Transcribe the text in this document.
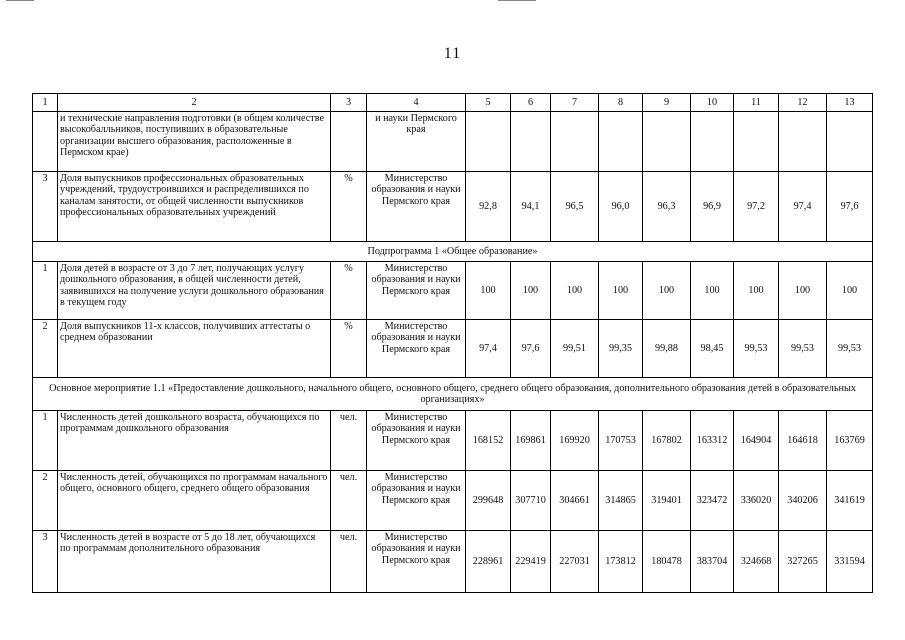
11
1	2	3	4	5	6	7	8	9	10	11	12	13
	и технические направления подготовки (в общем количестве высокобалльников, поступивших в образовательные организации высшего образования, расположенные в Пермском крае)		и науки Пермского края									
3	Доля выпускников профессиональных образовательных учреждений, трудоустроившихся и распределившихся по каналам занятости, от общей численности выпускников профессиональных образовательных учреждений	%	Министерство образования и науки Пермского края	92,8	94,1	96,5	96,0	96,3	96,9	97,2	97,4	97,6
Подпрограмма 1 «Общее образование»												
1	Доля детей в возрасте от 3 до 7 лет, получающих услугу дошкольного образования, в общей численности детей, заявившихся на получение услуги дошкольного образования в текущем году	%	Министерство образования и науки Пермского края	100	100	100	100	100	100	100	100	100
2	Доля выпускников 11-х классов, получивших аттестаты о среднем образовании	%	Министерство образования и науки Пермского края	97,4	97,6	99,51	99,35	99,88	98,45	99,53	99,53	99,53
Основное мероприятие 1.1 «Предоставление дошкольного, начального общего, основного общего, среднего общего образования, дополнительного образования детей в образовательных организациях»												
1	Численность детей дошкольного возраста, обучающихся по программам дошкольного образования	чел.	Министерство образования и науки Пермского края	168152	169861	169920	170753	167802	163312	164904	164618	163769
2	Численность детей, обучающихся по программам начального общего, основного общего, среднего общего образования	чел.	Министерство образования и науки Пермского края	299648	307710	304661	314865	319401	323472	336020	340206	341619
3	Численность детей в возрасте от 5 до 18 лет, обучающихся по программам дополнительного образования	чел.	Министерство образования и науки Пермского края	228961	229419	227031	173812	180478	383704	324668	327265	331594
